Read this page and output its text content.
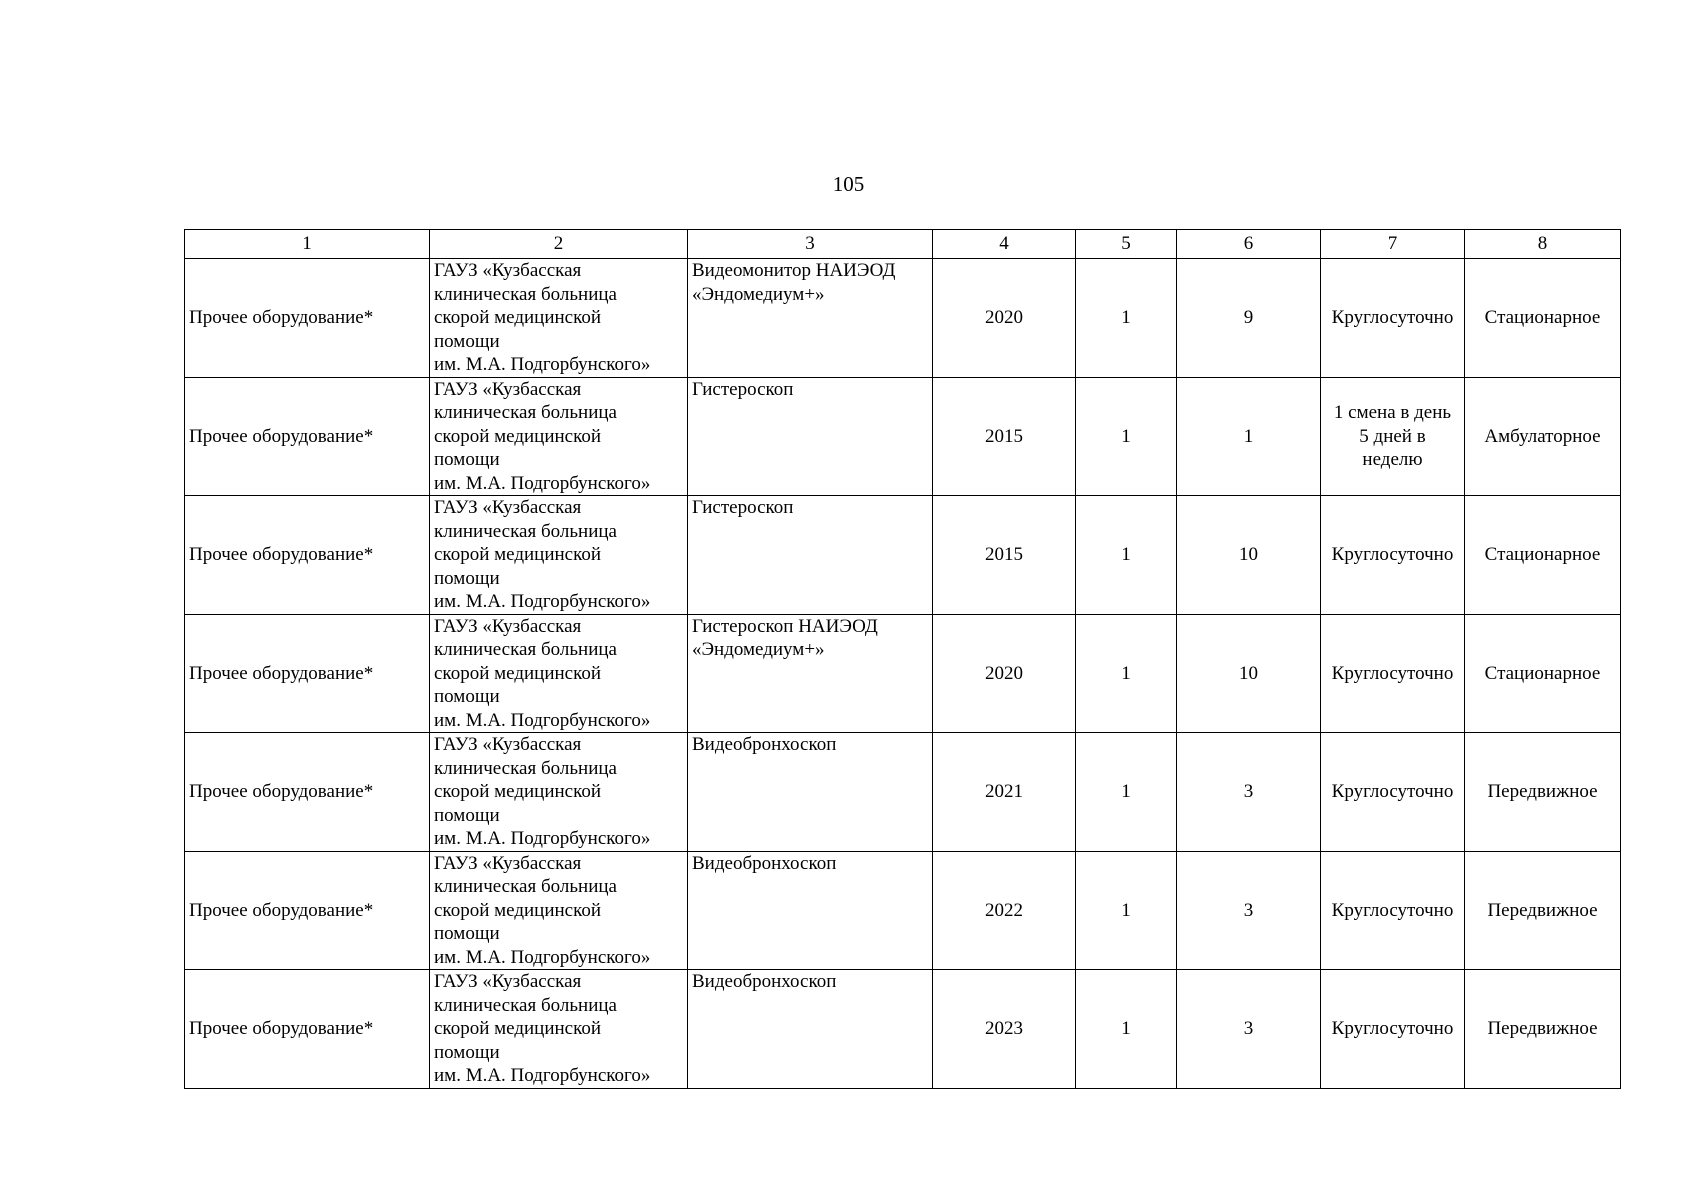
105
1	2	3	4	5	6	7	8
Прочее оборудование*	ГАУЗ «Кузбасская
клиническая больница
скорой медицинской
помощи
им. М.А. Подгорбунского»	Видеомонитор НАИЭОД
«Эндомедиум+»	2020	1	9	Круглосуточно	Стационарное
Прочее оборудование*	ГАУЗ «Кузбасская
клиническая больница
скорой медицинской
помощи
им. М.А. Подгорбунского»	Гистероскоп	2015	1	1	1 смена в день
5 дней в
неделю	Амбулаторное
Прочее оборудование*	ГАУЗ «Кузбасская
клиническая больница
скорой медицинской
помощи
им. М.А. Подгорбунского»	Гистероскоп	2015	1	10	Круглосуточно	Стационарное
Прочее оборудование*	ГАУЗ «Кузбасская
клиническая больница
скорой медицинской
помощи
им. М.А. Подгорбунского»	Гистероскоп НАИЭОД
«Эндомедиум+»	2020	1	10	Круглосуточно	Стационарное
Прочее оборудование*	ГАУЗ «Кузбасская
клиническая больница
скорой медицинской
помощи
им. М.А. Подгорбунского»	Видеобронхоскоп	2021	1	3	Круглосуточно	Передвижное
Прочее оборудование*	ГАУЗ «Кузбасская
клиническая больница
скорой медицинской
помощи
им. М.А. Подгорбунского»	Видеобронхоскоп	2022	1	3	Круглосуточно	Передвижное
Прочее оборудование*	ГАУЗ «Кузбасская
клиническая больница
скорой медицинской
помощи
им. М.А. Подгорбунского»	Видеобронхоскоп	2023	1	3	Круглосуточно	Передвижное
